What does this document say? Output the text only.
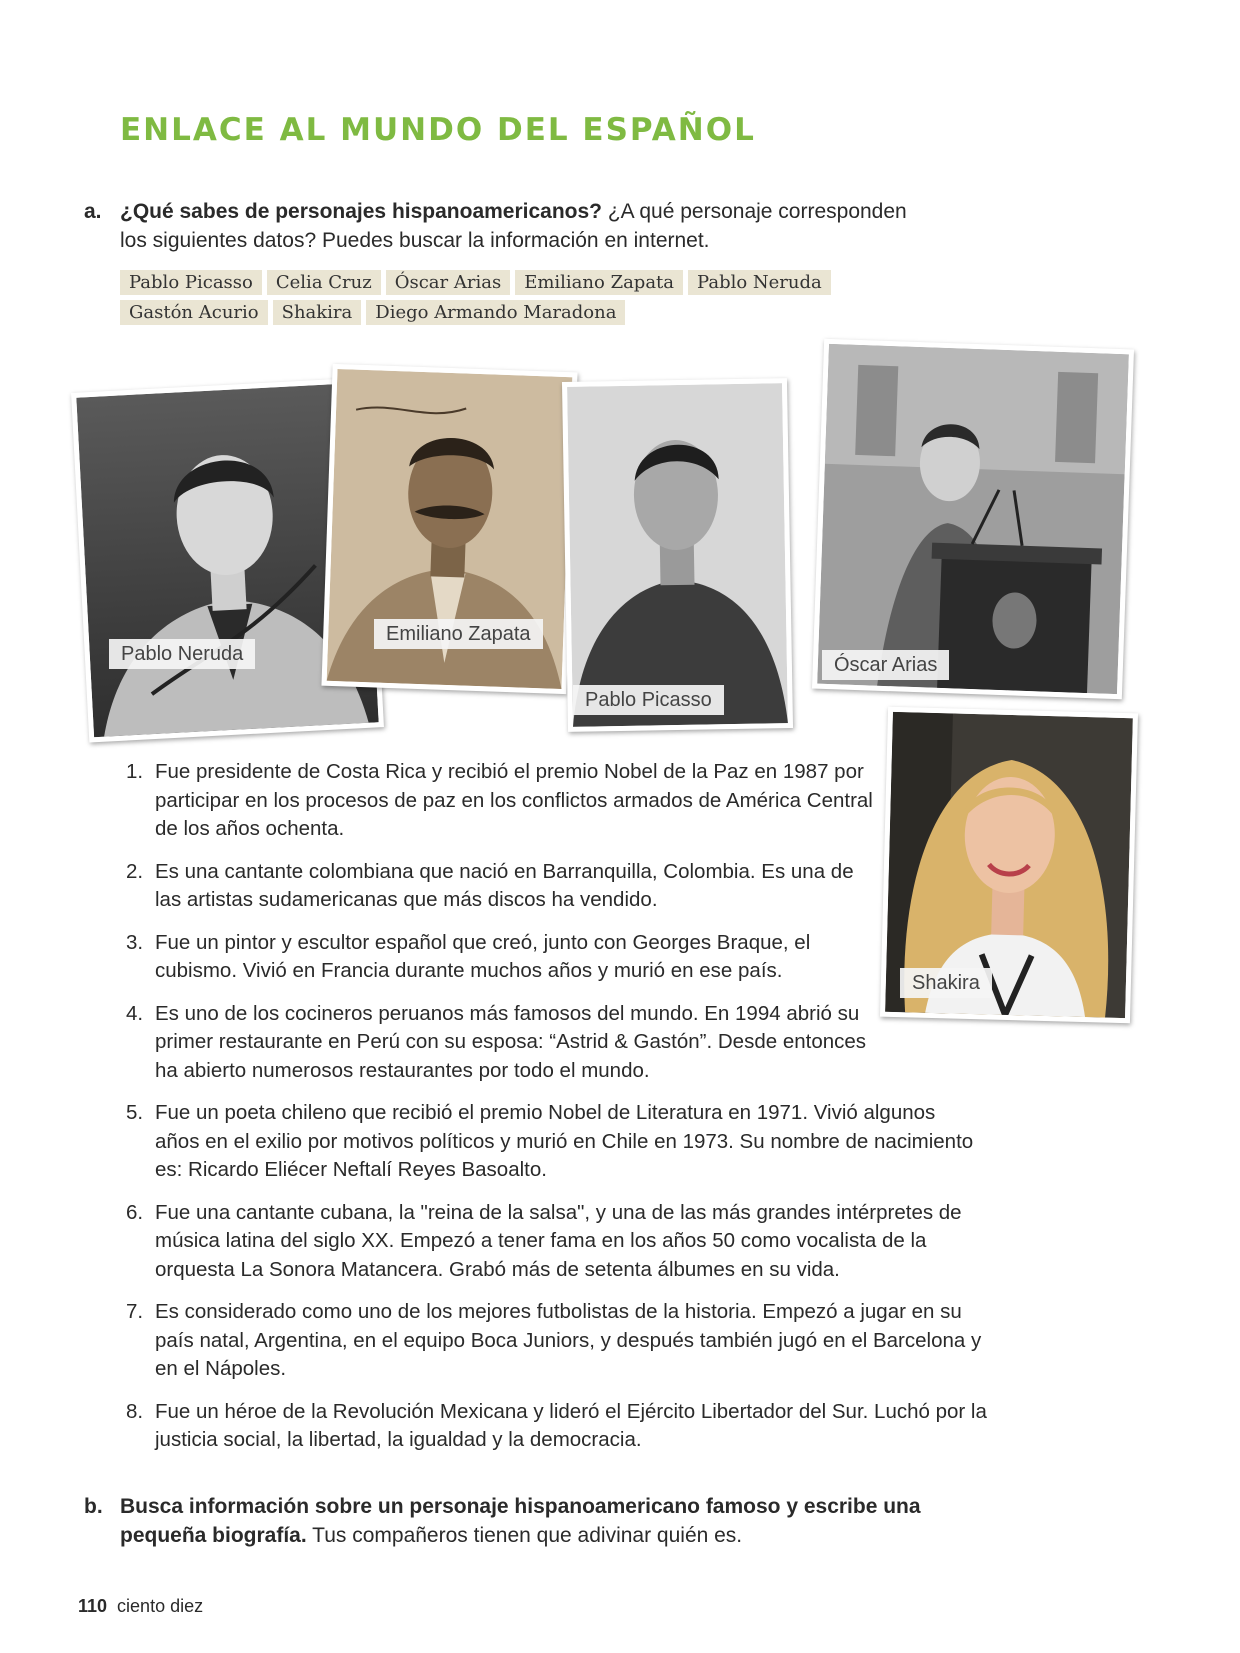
ENLACE AL MUNDO DEL ESPAÑOL
a. ¿Qué sabes de personajes hispanoamericanos? ¿A qué personaje corresponden los siguientes datos? Puedes buscar la información en internet.
Pablo Picasso Celia Cruz Óscar Arias Emiliano Zapata Pablo Neruda
Gastón Acurio Shakira Diego Armando Maradona
Pablo Neruda
Emiliano Zapata
Pablo Picasso
Óscar Arias
Shakira
1. Fue presidente de Costa Rica y recibió el premio Nobel de la Paz en 1987 por participar en los procesos de paz en los conflictos armados de América Central de los años ochenta.
2. Es una cantante colombiana que nació en Barranquilla, Colombia. Es una de las artistas sudamericanas que más discos ha vendido.
3. Fue un pintor y escultor español que creó, junto con Georges Braque, el cubismo. Vivió en Francia durante muchos años y murió en ese país.
4. Es uno de los cocineros peruanos más famosos del mundo. En 1994 abrió su primer restaurante en Perú con su esposa: “Astrid & Gastón”. Desde entonces ha abierto numerosos restaurantes por todo el mundo.
5. Fue un poeta chileno que recibió el premio Nobel de Literatura en 1971. Vivió algunos años en el exilio por motivos políticos y murió en Chile en 1973. Su nombre de nacimiento es: Ricardo Eliécer Neftalí Reyes Basoalto.
6. Fue una cantante cubana, la "reina de la salsa", y una de las más grandes intérpretes de música latina del siglo XX. Empezó a tener fama en los años 50 como vocalista de la orquesta La Sonora Matancera. Grabó más de setenta álbumes en su vida.
7. Es considerado como uno de los mejores futbolistas de la historia. Empezó a jugar en su país natal, Argentina, en el equipo Boca Juniors, y después también jugó en el Barcelona y en el Nápoles.
8. Fue un héroe de la Revolución Mexicana y lideró el Ejército Libertador del Sur. Luchó por la justicia social, la libertad, la igualdad y la democracia.
b. Busca información sobre un personaje hispanoamericano famoso y escribe una pequeña biografía. Tus compañeros tienen que adivinar quién es.
110 ciento diez
